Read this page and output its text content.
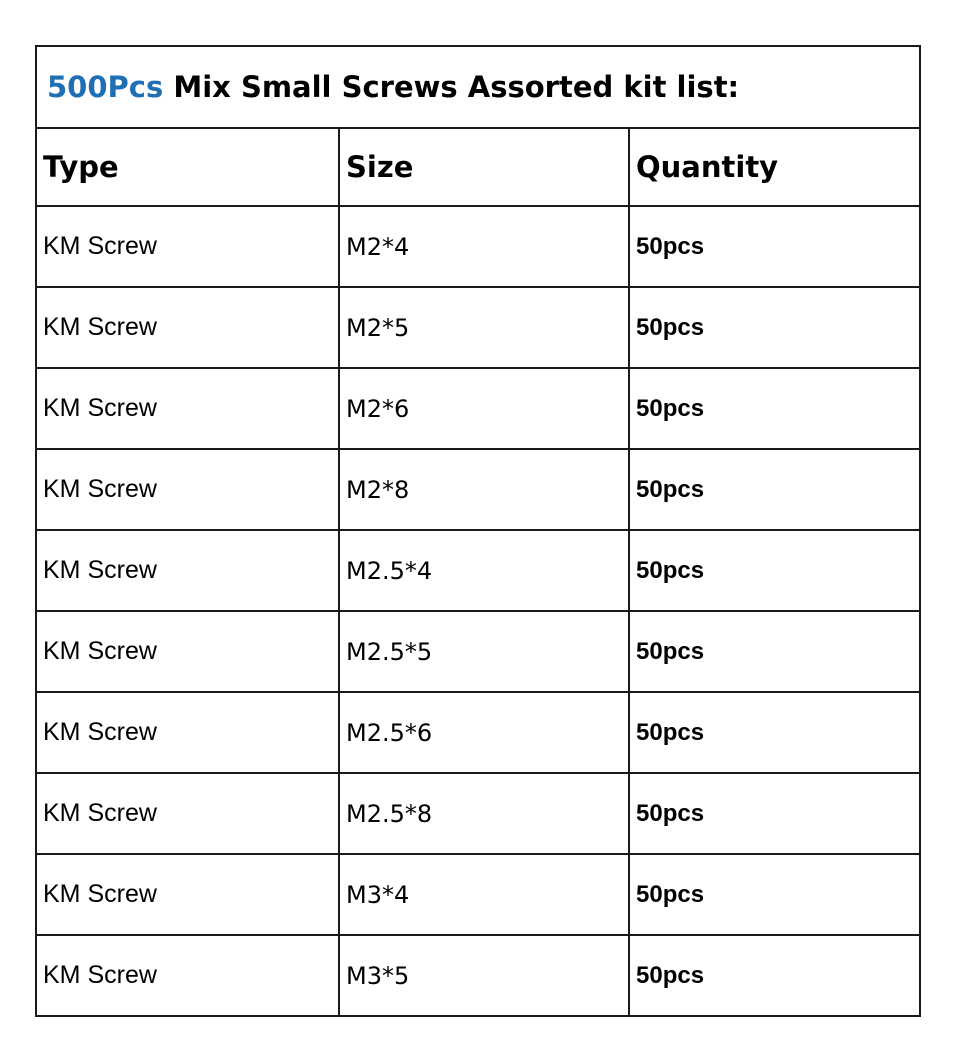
500Pcs Mix Small Screws Assorted kit list:		
Type	Size	Quantity
KM Screw	M2*4	50pcs
KM Screw	M2*5	50pcs
KM Screw	M2*6	50pcs
KM Screw	M2*8	50pcs
KM Screw	M2.5*4	50pcs
KM Screw	M2.5*5	50pcs
KM Screw	M2.5*6	50pcs
KM Screw	M2.5*8	50pcs
KM Screw	M3*4	50pcs
KM Screw	M3*5	50pcs
